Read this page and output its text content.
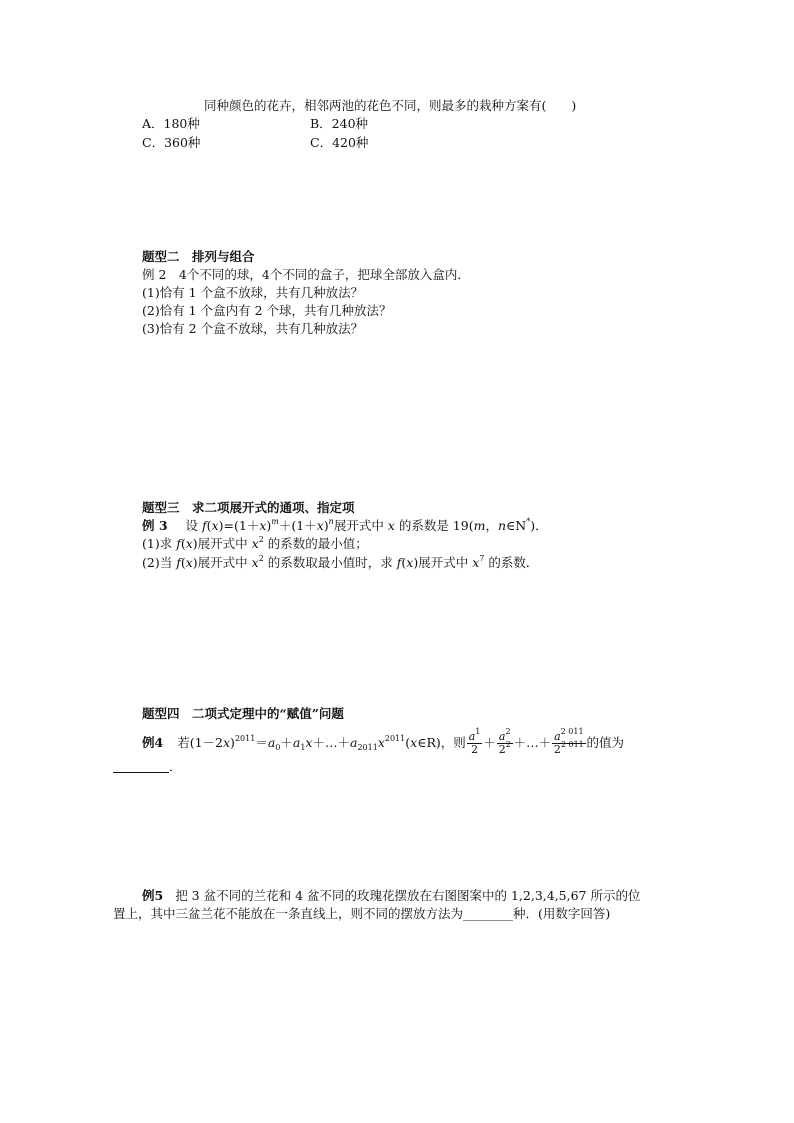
同种颜色的花卉，相邻两池的花色不同，则最多的栽种方案有(　　)
A．180种	B．240种
C．360种	C．420种
题型二　排列与组合
例 2　4个不同的球，4个不同的盒子，把球全部放入盒内．
(1)恰有 1 个盒不放球，共有几种放法？
(2)恰有 1 个盒内有 2 个球，共有几种放法？
(3)恰有 2 个盒不放球，共有几种放法？
题型三　求二项展开式的通项、指定项
例 3 设 $f(x)=(1+x)^m+(1+x)^n$展开式中 x 的系数是 19(m，n∈N*)．
(1)求 f(x)展开式中 $x^2$ 的系数的最小值；
(2)当 f(x)展开式中 $x^2$ 的系数取最小值时，求 f(x)展开式中 $x^7$ 的系数．
题型四　二项式定理中的“赋值”问题
例4 若$(1-2x)^{2011}=a_0+a_1x+\dots+a_{2011}x^{2011}(x\in R)$，则 $\frac{a^1}{2} + \frac{a^2}{2^2}$ ＋…＋ $\frac{a^{2 011}}{2^{2 011}}$ 的值为
．
例5 把 3 盆不同的兰花和 4 盆不同的玫瑰花摆放在右图图案中的 1,2,3,4,5,67 所示的位
置上，其中三盆兰花不能放在一条直线上，则不同的摆放方法为________种．(用数字回答)
